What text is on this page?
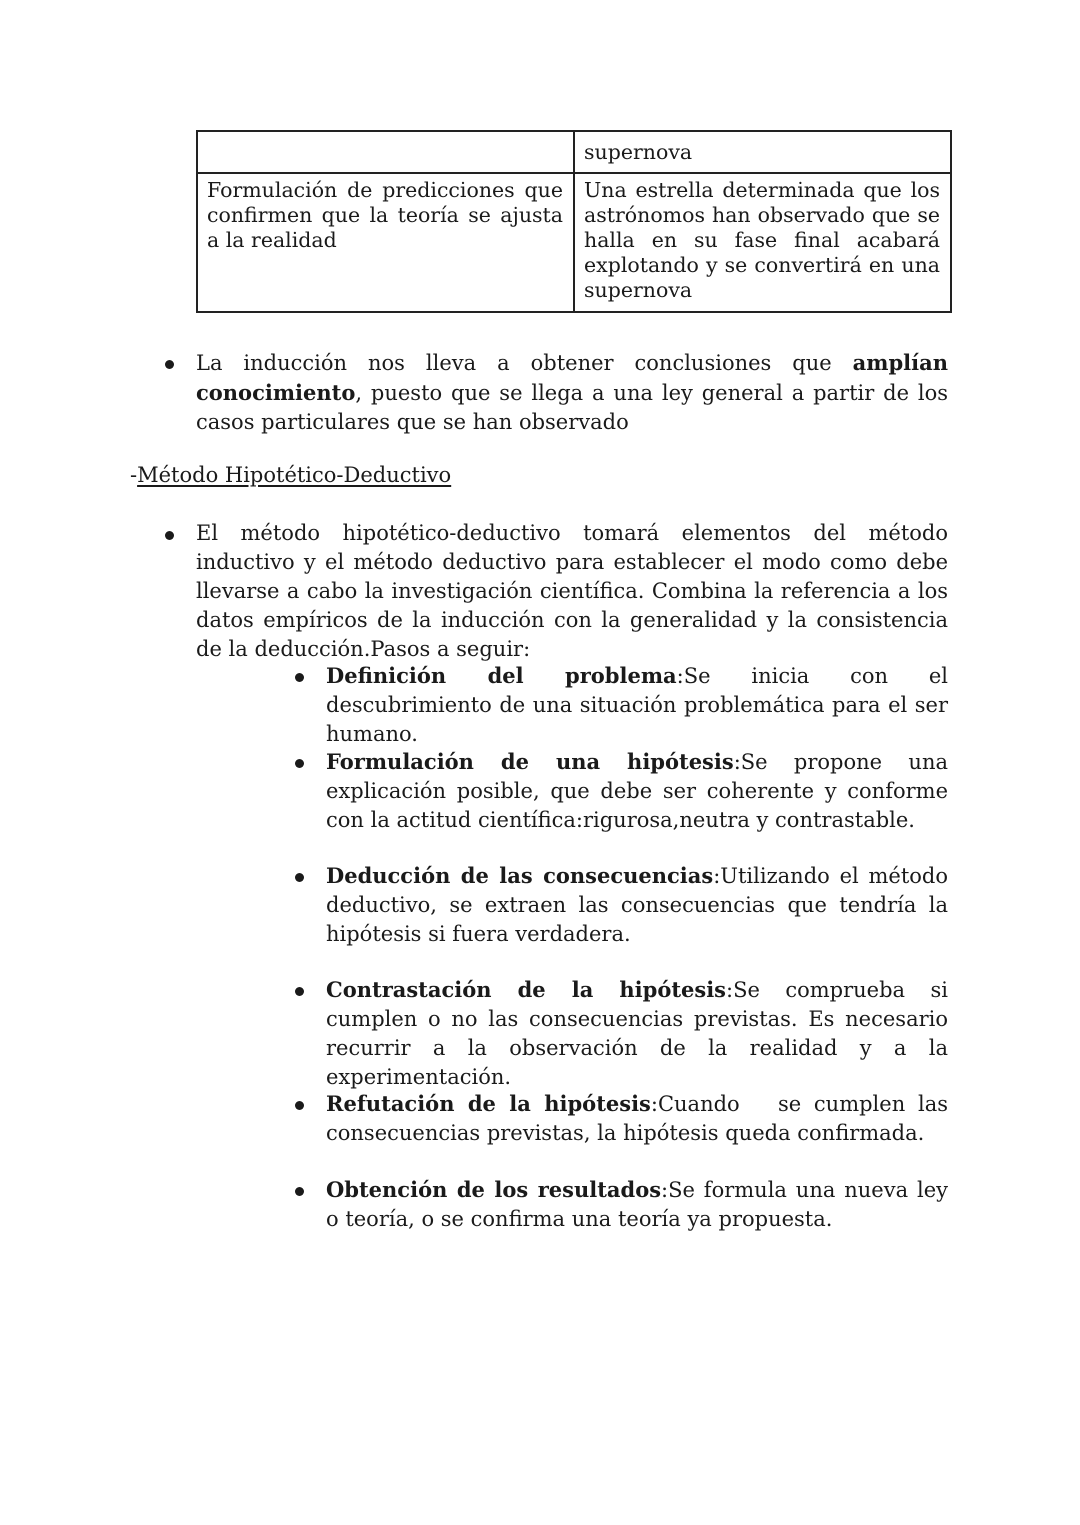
	supernova
Formulación de predicciones que confirmen que la teoría se ajusta a la realidad	Una estrella determinada que los astrónomos han observado que se halla en su fase final acabará explotando y se convertirá en una supernova
La inducción nos lleva a obtener conclusiones que amplían conocimiento, puesto que se llega a una ley general a partir de los casos particulares que se han observado
-Método Hipotético-Deductivo
El método hipotético-deductivo tomará elementos del método inductivo y el método deductivo para establecer el modo como debe llevarse a cabo la investigación científica. Combina la referencia a los datos empíricos de la inducción con la generalidad y la consistencia de la deducción.Pasos a seguir:
Definición del problema:Se inicia con el descubrimiento de una situación problemática para el ser humano.
Formulación de una hipótesis:Se propone una explicación posible, que debe ser coherente y conforme con la actitud científica:rigurosa,neutra y contrastable.
Deducción de las consecuencias:Utilizando el método deductivo, se extraen las consecuencias que tendría la hipótesis si fuera verdadera.
Contrastación de la hipótesis:Se comprueba si cumplen o no las consecuencias previstas. Es necesario recurrir a la observación de la realidad y a la experimentación.
Refutación de la hipótesis:Cuando   se cumplen las consecuencias previstas, la hipótesis queda confirmada.
Obtención de los resultados:Se formula una nueva ley o teoría, o se confirma una teoría ya propuesta.
